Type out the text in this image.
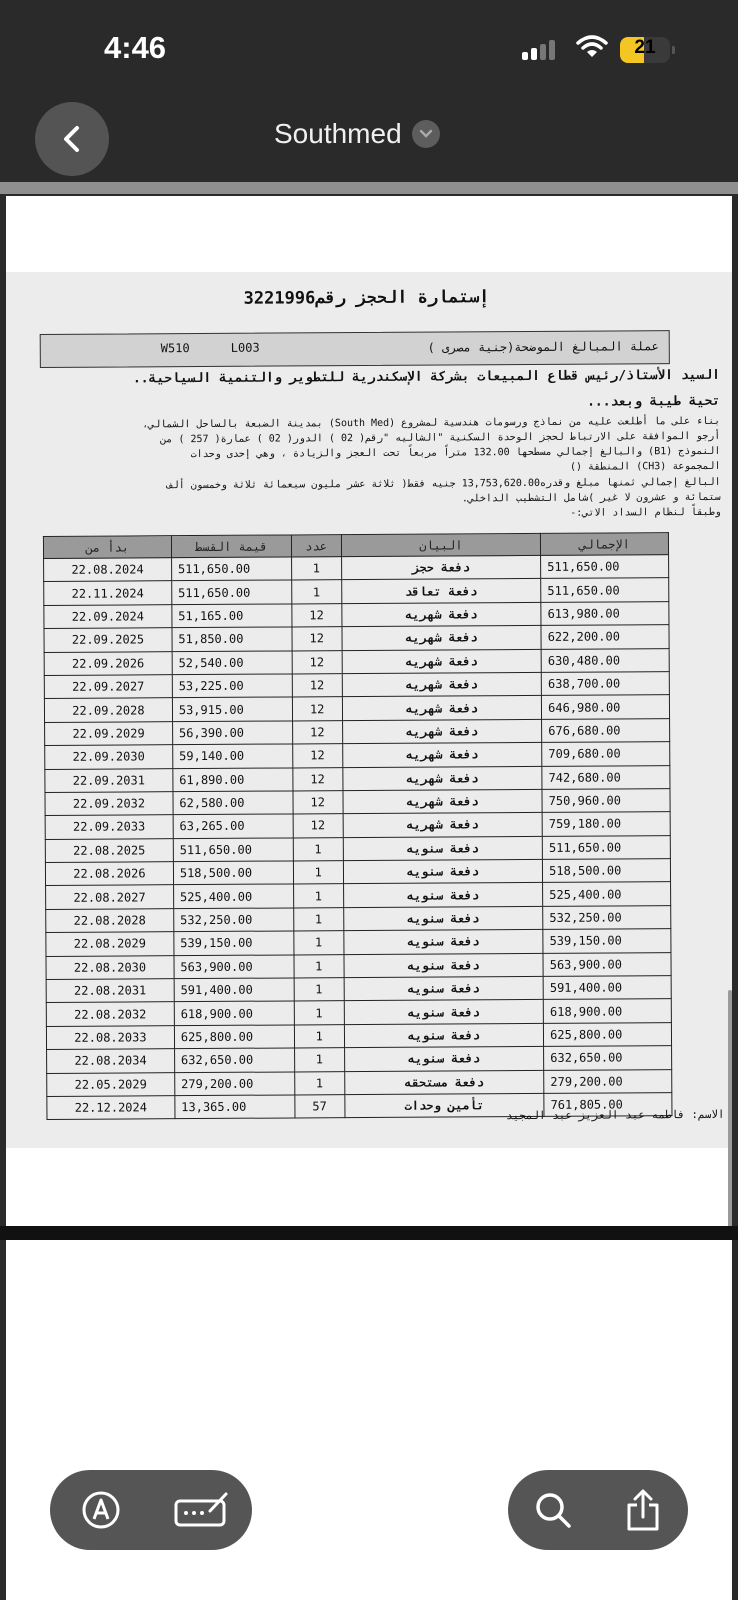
4:46	21
Southmed
إستمارة الحجز رقم3221996
عملة المبالغ الموضحة(جنية مصرى )
L003
W510
السيد الأستاذ/رئيس قطاع المبيعات بشركة الإسكندرية للتطوير والتنمية السياحية..
تحية طيبة وبعد...
بناء على ما أطلعت عليه من نماذج ورسومات هندسية لمشروع (South Med) بمدينة الضبعة بالساحل الشمالي،
أرجو الموافقة على الارتباط لحجز الوحدة السكنية "الشاليه "رقم( 02 ) الدور( 02 ) عمارة( 257 ) من
النموذج (B1) والبالغ إجمالي مسطحها 132.00 متراً مربعاً تحت العجز والزيادة ، وهي إحدى وحدات
المجموعة (CH3) المنطقة ()
البالغ إجمالي ثمنها مبلغ وقدره13,753,620.00 جنيه فقط( ثلاثة عشر مليون سبعمائة ثلاثة وخمسون ألف
ستمائة و عشرون لا غير )شامل التشطيب الداخلي.
وطبقاً لنظام السداد الاتي:-
بدأ من	قيمة القسط	عدد	البيان	الإجمالي
22.08.2024	511,650.00	1	دفعة حجز	511,650.00
22.11.2024	511,650.00	1	دفعة تعاقد	511,650.00
22.09.2024	51,165.00	12	دفعة شهريه	613,980.00
22.09.2025	51,850.00	12	دفعة شهريه	622,200.00
22.09.2026	52,540.00	12	دفعة شهريه	630,480.00
22.09.2027	53,225.00	12	دفعة شهريه	638,700.00
22.09.2028	53,915.00	12	دفعة شهريه	646,980.00
22.09.2029	56,390.00	12	دفعة شهريه	676,680.00
22.09.2030	59,140.00	12	دفعة شهريه	709,680.00
22.09.2031	61,890.00	12	دفعة شهريه	742,680.00
22.09.2032	62,580.00	12	دفعة شهريه	750,960.00
22.09.2033	63,265.00	12	دفعة شهريه	759,180.00
22.08.2025	511,650.00	1	دفعة سنويه	511,650.00
22.08.2026	518,500.00	1	دفعة سنويه	518,500.00
22.08.2027	525,400.00	1	دفعة سنويه	525,400.00
22.08.2028	532,250.00	1	دفعة سنويه	532,250.00
22.08.2029	539,150.00	1	دفعة سنويه	539,150.00
22.08.2030	563,900.00	1	دفعة سنويه	563,900.00
22.08.2031	591,400.00	1	دفعة سنويه	591,400.00
22.08.2032	618,900.00	1	دفعة سنويه	618,900.00
22.08.2033	625,800.00	1	دفعة سنويه	625,800.00
22.08.2034	632,650.00	1	دفعة سنويه	632,650.00
22.05.2029	279,200.00	1	دفعة مستحقه	279,200.00
22.12.2024	13,365.00	57	تأمين وحدات	761,805.00
الاسم: فاطمه عبد العزيز عبد المجيد
